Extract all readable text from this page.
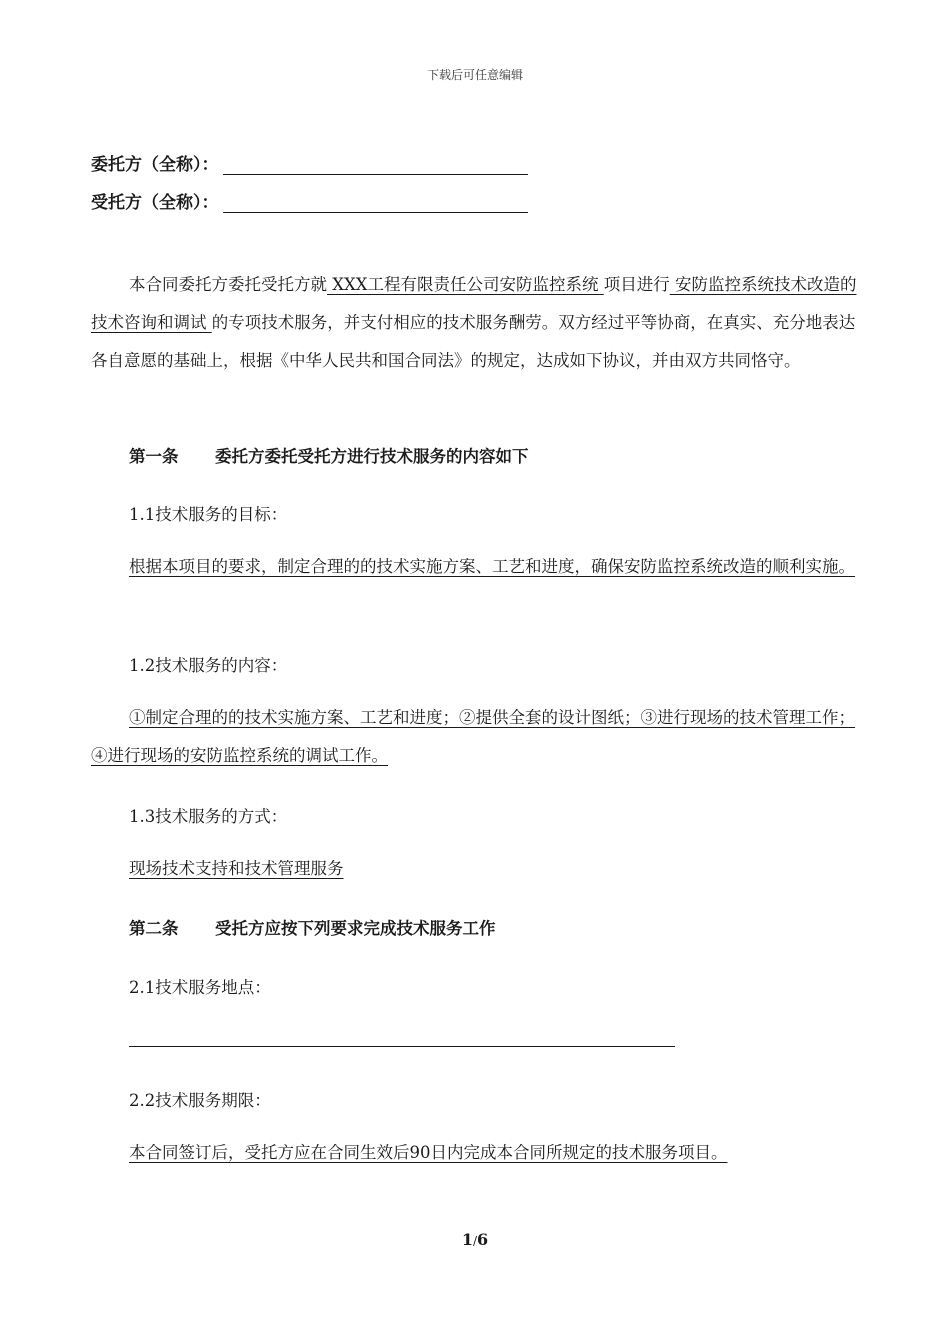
下载后可任意编辑
委托方（全称）：
受托方（全称）：
本合同委托方委托受托方就 XXX工程有限责任公司安防监控系统 项目进行 安防监控系统技术改造的技术咨询和调试 的专项技术服务，并支付相应的技术服务酬劳。双方经过平等协商，在真实、充分地表达各自意愿的基础上，根据《中华人民共和国合同法》的规定，达成如下协议，并由双方共同恪守。
第一条 委托方委托受托方进行技术服务的内容如下
1.1技术服务的目标：
根据本项目的要求，制定合理的的技术实施方案、工艺和进度，确保安防监控系统改造的顺利实施。
1.2技术服务的内容：
①制定合理的的技术实施方案、工艺和进度；②提供全套的设计图纸；③进行现场的技术管理工作；④进行现场的安防监控系统的调试工作。
1.3技术服务的方式：
现场技术支持和技术管理服务
第二条 受托方应按下列要求完成技术服务工作
2.1技术服务地点：
2.2技术服务期限：
本合同签订后，受托方应在合同生效后90日内完成本合同所规定的技术服务项目。
1/6
